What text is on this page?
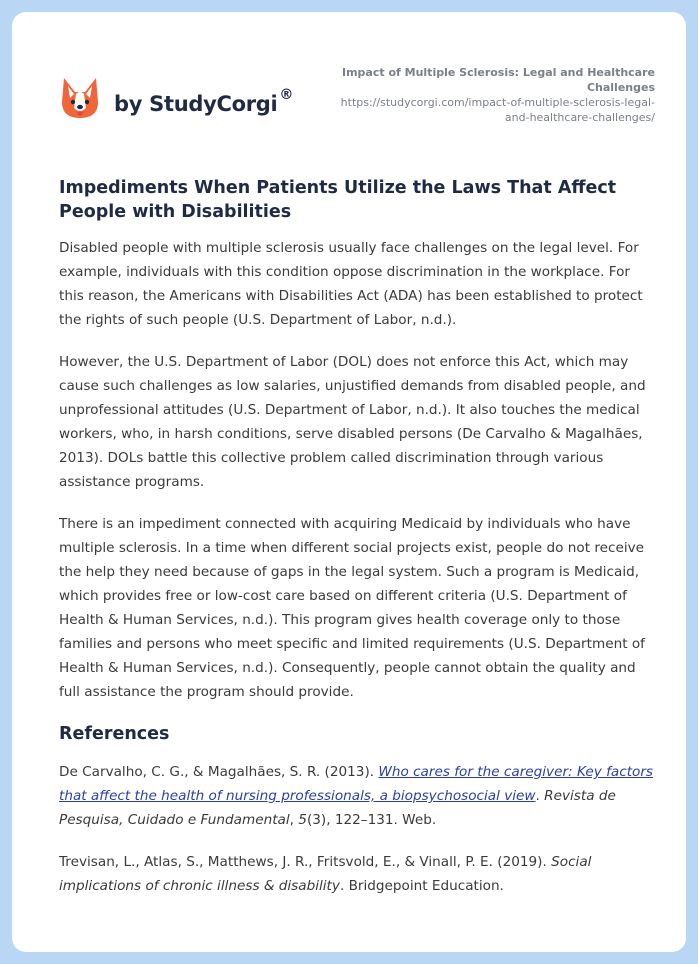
by StudyCorgi ®
Impact of Multiple Sclerosis: Legal and Healthcare Challenges
https://studycorgi.com/impact-of-multiple-sclerosis-legal-and-healthcare-challenges/
Impediments When Patients Utilize the Laws That Affect People with Disabilities

Disabled people with multiple sclerosis usually face challenges on the legal level. For example, individuals with this condition oppose discrimination in the workplace. For this reason, the Americans with Disabilities Act (ADA) has been established to protect the rights of such people (U.S. Department of Labor, n.d.).

However, the U.S. Department of Labor (DOL) does not enforce this Act, which may cause such challenges as low salaries, unjustified demands from disabled people, and unprofessional attitudes (U.S. Department of Labor, n.d.). It also touches the medical workers, who, in harsh conditions, serve disabled persons (De Carvalho & Magalhães, 2013). DOLs battle this collective problem called discrimination through various assistance programs.

There is an impediment connected with acquiring Medicaid by individuals who have multiple sclerosis. In a time when different social projects exist, people do not receive the help they need because of gaps in the legal system. Such a program is Medicaid, which provides free or low-cost care based on different criteria (U.S. Department of Health & Human Services, n.d.). This program gives health coverage only to those families and persons who meet specific and limited requirements (U.S. Department of Health & Human Services, n.d.). Consequently, people cannot obtain the quality and full assistance the program should provide.

References
De Carvalho, C. G., & Magalhães, S. R. (2013). Who cares for the caregiver: Key factors that affect the health of nursing professionals, a biopsychosocial view. Revista de Pesquisa, Cuidado e Fundamental, 5(3), 122–131. Web.
Trevisan, L., Atlas, S., Matthews, J. R., Fritsvold, E., & Vinall, P. E. (2019). Social implications of chronic illness & disability. Bridgepoint Education.
